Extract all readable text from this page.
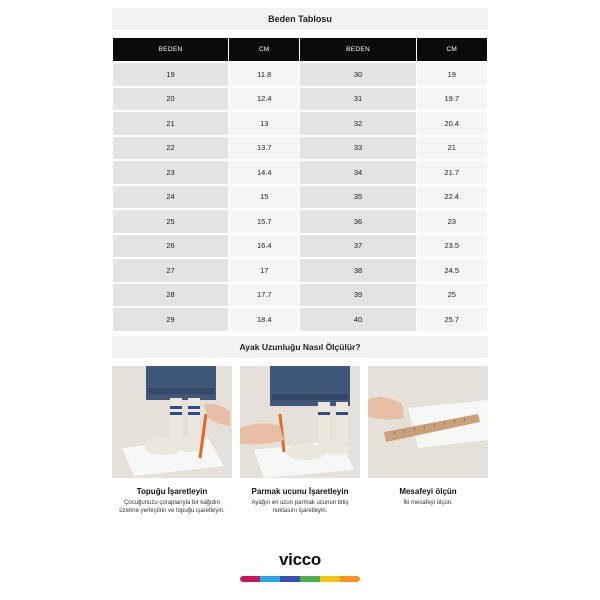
Beden Tablosu
BEDEN	CM	BEDEN	CM
19	11.8	30	19
20	12.4	31	19.7
21	13	32	20.4
22	13.7	33	21
23	14.4	34	21.7
24	15	35	22.4
25	15.7	36	23
26	16.4	37	23.5
27	17	38	24.5
28	17.7	39	25
29	18.4	40	25.7
Ayak Uzunluğu Nasıl Ölçülür?
Topuğu İşaretleyin
Çocuğunuzu çoraplarıyla bir kağıdın üzerine yerleştirin ve topuğu işaretleyin.
Parmak ucunu İşaretleyin
Ayağın en uzun parmak ucunun bitiş noktasını işaretleyin.
Mesafeyi ölçün
İki mesafeyi ölçün.
vicco
